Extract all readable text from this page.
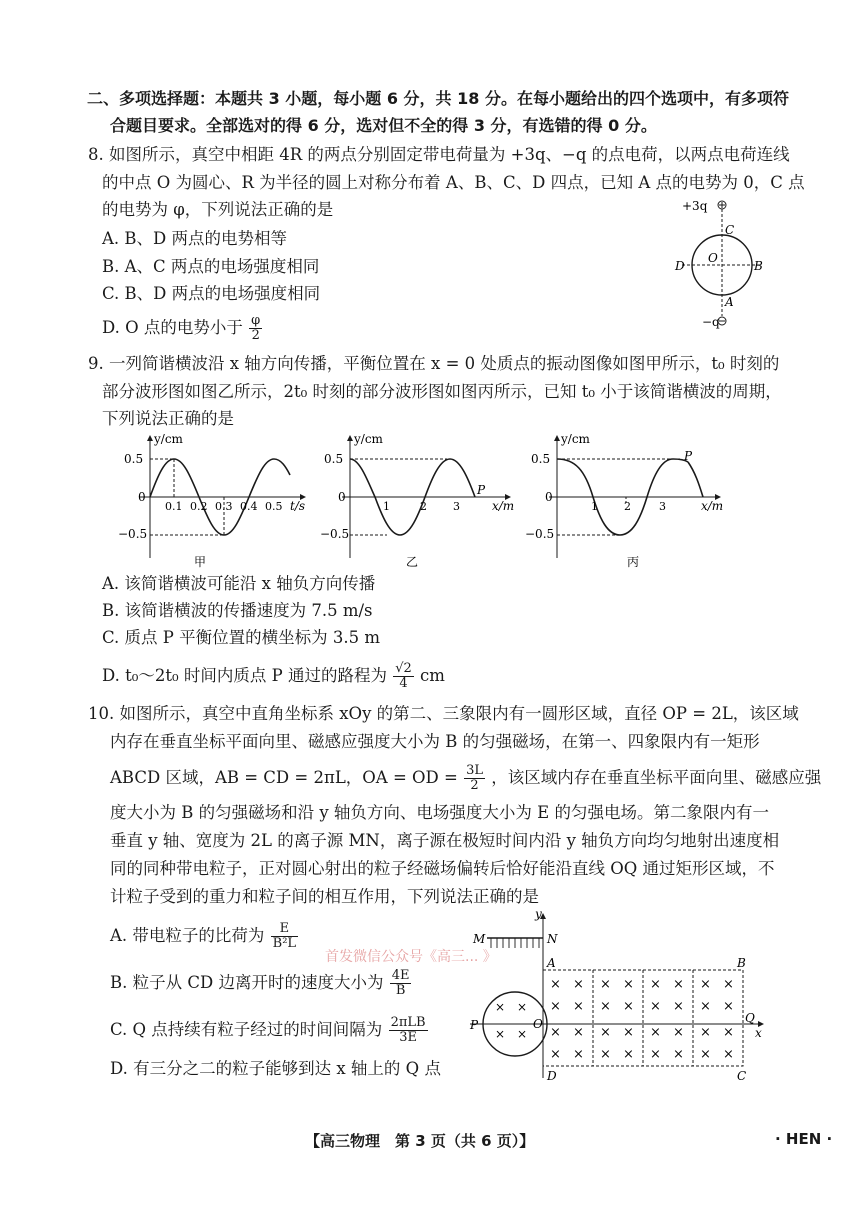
二、多项选择题：本题共 3 小题，每小题 6 分，共 18 分。在每小题给出的四个选项中，有多项符
合题目要求。全部选对的得 6 分，选对但不全的得 3 分，有选错的得 0 分。
8. 如图所示，真空中相距 4R 的两点分别固定带电荷量为 +3q、−q 的点电荷，以两点电荷连线
的中点 O 为圆心、R 为半径的圆上对称分布着 A、B、C、D 四点，已知 A 点的电势为 0，C 点
的电势为 φ，下列说法正确的是
A. B、D 两点的电势相等
B. A、C 两点的电场强度相同
C. B、D 两点的电场强度相同
D. O 点的电势小于 $\frac{\varphi}{2}$
+3q
C
D
O
B
A
−q
9. 一列简谐横波沿 x 轴方向传播，平衡位置在 x = 0 处质点的振动图像如图甲所示，t₀ 时刻的
部分波形图如图乙所示，2t₀ 时刻的部分波形图如图丙所示，已知 t₀ 小于该简谐横波的周期，
下列说法正确的是
y/cm
0.5
0
−0.5
0.1 0.2 0.3 0.4 0.5 t/s
甲
y/cm
0.5
0
−0.5
P
1	2 3	x/m
乙
y/cm
0.5
0
−0.5
P
1 2	3	x/m
丙
A. 该简谐横波可能沿 x 轴负方向传播
B. 该简谐横波的传播速度为 7.5 m/s
C. 质点 P 平衡位置的横坐标为 3.5 m
D. t₀～2t₀ 时间内质点 P 通过的路程为 $\frac{√2}{4}$ cm
10. 如图所示，真空中直角坐标系 xOy 的第二、三象限内有一圆形区域，直径 OP = 2L，该区域
内存在垂直坐标平面向里、磁感应强度大小为 B 的匀强磁场，在第一、四象限内有一矩形
ABCD 区域，AB = CD = 2πL，OA = OD = $\frac{3L}{2}$ ，该区域内存在垂直坐标平面向里、磁感应强
度大小为 B 的匀强磁场和沿 y 轴负方向、电场强度大小为 E 的匀强电场。第二象限内有一
垂直 y 轴、宽度为 2L 的离子源 MN，离子源在极短时间内沿 y 轴负方向均匀地射出速度相
同的同种带电粒子，正对圆心射出的粒子经磁场偏转后恰好能沿直线 OQ 通过矩形区域，不
计粒子受到的重力和粒子间的相互作用，下列说法正确的是
A. 带电粒子的比荷为 $\frac{E}{\text{B²L}}$
B. 粒子从 CD 边离开时的速度大小为 $\frac{4E}{B}$
C. Q 点持续有粒子经过的时间间隔为 $\frac{\text{2πLB}}{3E}$
D. 有三分之二的粒子能够到达 x 轴上的 Q 点
首发微信公众号《高三... 》
y
x
M	N
P	O
× ×
× ×
A	B
C
D
Q
× × × × × × × ×
× × × × × × × ×
× × × × × × × ×
× × × × × × × ×
【高三物理　第 3 页（共 6 页）】	· HEN ·
